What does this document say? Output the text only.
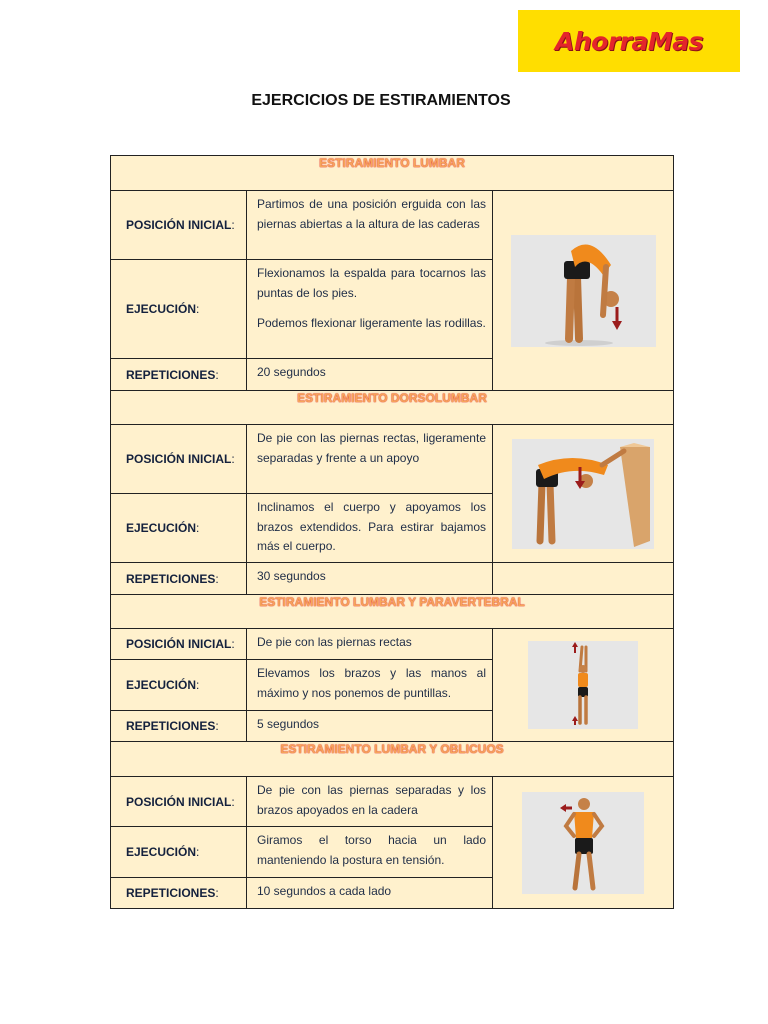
AhorraMas
EJERCICIOS DE ESTIRAMIENTOS
ESTIRAMIENTO LUMBAR		
POSICIÓN INICIAL:	Partimos de una posición erguida con las piernas abiertas a la altura de las caderas	

EJECUCIÓN:	Flexionamos la espalda para tocarnos las puntas de los pies.

Podemos flexionar ligeramente las rodillas.	

REPETICIONES:	20 segundos	
ESTIRAMIENTO DORSOLUMBAR		
POSICIÓN INICIAL:	De pie con las piernas rectas, ligeramente separadas y frente a un apoyo	

EJECUCIÓN:	Inclinamos el cuerpo y apoyamos los brazos extendidos. Para estirar bajamos más el cuerpo.	
REPETICIONES:	30 segundos	
ESTIRAMIENTO LUMBAR Y PARAVERTEBRAL		
POSICIÓN INICIAL:	De pie con las piernas rectas	

EJECUCIÓN:	Elevamos los brazos y las manos al máximo y nos ponemos de puntillas.	
REPETICIONES:	5 segundos	
ESTIRAMIENTO LUMBAR Y OBLICUOS		
POSICIÓN INICIAL:	De pie con las piernas separadas y los brazos apoyados en la cadera	

EJECUCIÓN:	Giramos el torso hacia un lado manteniendo la postura en tensión.	
REPETICIONES:	10 segundos a cada lado	
